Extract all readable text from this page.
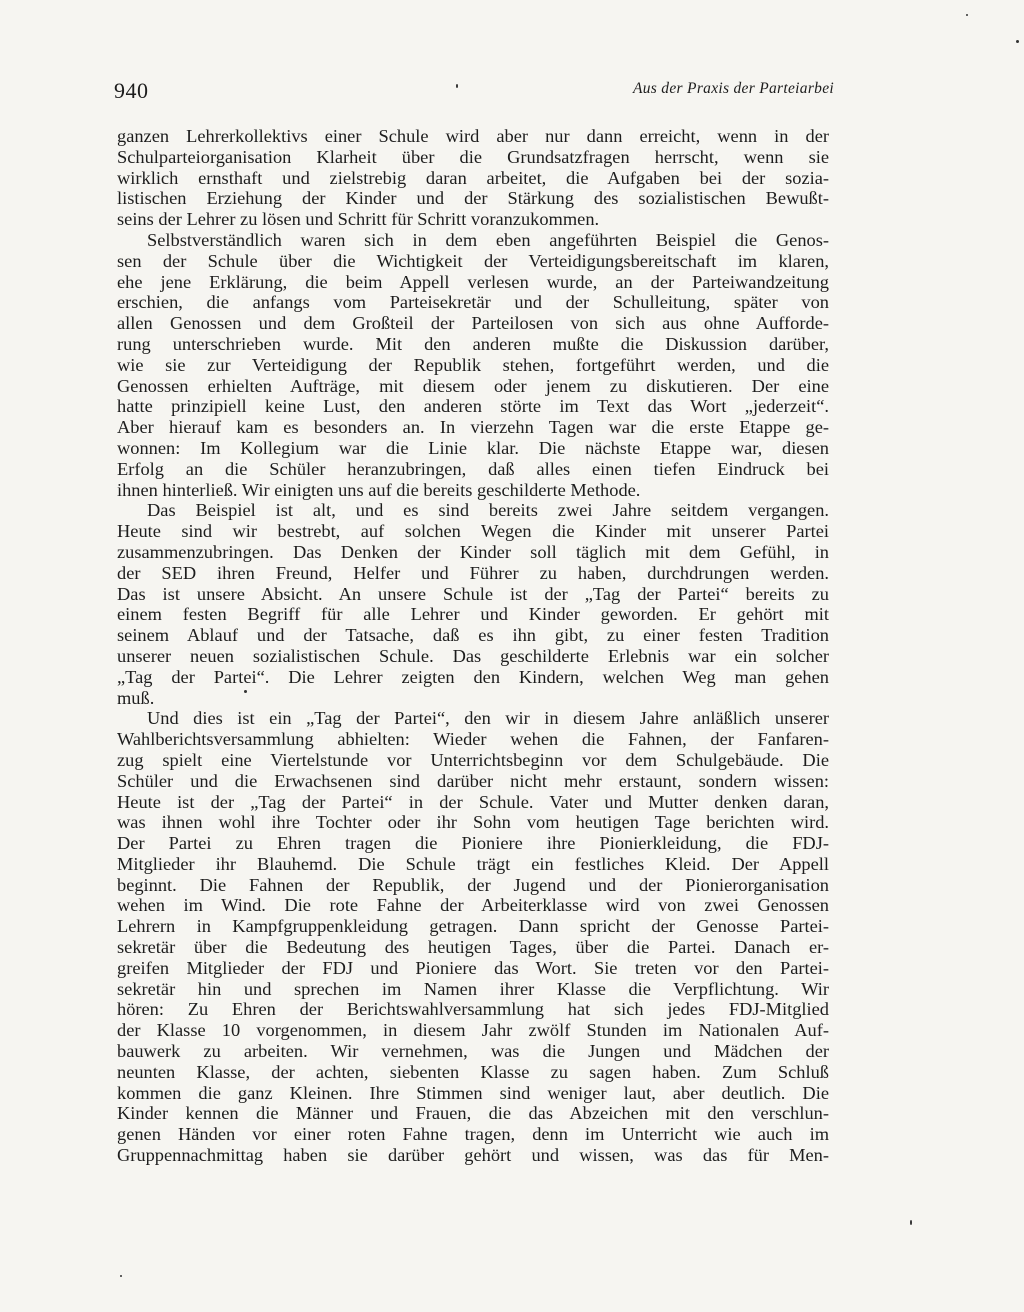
940	Aus der Praxis der Parteiarbei
ganzen Lehrerkollektivs einer Schule wird aber nur dann erreicht, wenn in der
Schulparteiorganisation Klarheit über die Grundsatzfragen herrscht, wenn sie
wirklich ernsthaft und zielstrebig daran arbeitet, die Aufgaben bei der sozia-
listischen Erziehung der Kinder und der Stärkung des sozialistischen Bewußt-
seins der Lehrer zu lösen und Schritt für Schritt voranzukommen.
Selbstverständlich waren sich in dem eben angeführten Beispiel die Genos-
sen der Schule über die Wichtigkeit der Verteidigungsbereitschaft im klaren,
ehe jene Erklärung, die beim Appell verlesen wurde, an der Parteiwandzeitung
erschien, die anfangs vom Parteisekretär und der Schulleitung, später von
allen Genossen und dem Großteil der Parteilosen von sich aus ohne Aufforde-
rung unterschrieben wurde. Mit den anderen mußte die Diskussion darüber,
wie sie zur Verteidigung der Republik stehen, fortgeführt werden, und die
Genossen erhielten Aufträge, mit diesem oder jenem zu diskutieren. Der eine
hatte prinzipiell keine Lust, den anderen störte im Text das Wort „jederzeit“.
Aber hierauf kam es besonders an. In vierzehn Tagen war die erste Etappe ge-
wonnen: Im Kollegium war die Linie klar. Die nächste Etappe war, diesen
Erfolg an die Schüler heranzubringen, daß alles einen tiefen Eindruck bei
ihnen hinterließ. Wir einigten uns auf die bereits geschilderte Methode.
Das Beispiel ist alt, und es sind bereits zwei Jahre seitdem vergangen.
Heute sind wir bestrebt, auf solchen Wegen die Kinder mit unserer Partei
zusammenzubringen. Das Denken der Kinder soll täglich mit dem Gefühl, in
der SED ihren Freund, Helfer und Führer zu haben, durchdrungen werden.
Das ist unsere Absicht. An unsere Schule ist der „Tag der Partei“ bereits zu
einem festen Begriff für alle Lehrer und Kinder geworden. Er gehört mit
seinem Ablauf und der Tatsache, daß es ihn gibt, zu einer festen Tradition
unserer neuen sozialistischen Schule. Das geschilderte Erlebnis war ein solcher
„Tag der Partei“. Die Lehrer zeigten den Kindern, welchen Weg man gehen
muß.
Und dies ist ein „Tag der Partei“, den wir in diesem Jahre anläßlich unserer
Wahlberichtsversammlung abhielten: Wieder wehen die Fahnen, der Fanfaren-
zug spielt eine Viertelstunde vor Unterrichtsbeginn vor dem Schulgebäude. Die
Schüler und die Erwachsenen sind darüber nicht mehr erstaunt, sondern wissen:
Heute ist der „Tag der Partei“ in der Schule. Vater und Mutter denken daran,
was ihnen wohl ihre Tochter oder ihr Sohn vom heutigen Tage berichten wird.
Der Partei zu Ehren tragen die Pioniere ihre Pionierkleidung, die FDJ-
Mitglieder ihr Blauhemd. Die Schule trägt ein festliches Kleid. Der Appell
beginnt. Die Fahnen der Republik, der Jugend und der Pionierorganisation
wehen im Wind. Die rote Fahne der Arbeiterklasse wird von zwei Genossen
Lehrern in Kampfgruppenkleidung getragen. Dann spricht der Genosse Partei-
sekretär über die Bedeutung des heutigen Tages, über die Partei. Danach er-
greifen Mitglieder der FDJ und Pioniere das Wort. Sie treten vor den Partei-
sekretär hin und sprechen im Namen ihrer Klasse die Verpflichtung. Wir
hören: Zu Ehren der Berichtswahlversammlung hat sich jedes FDJ-Mitglied
der Klasse 10 vorgenommen, in diesem Jahr zwölf Stunden im Nationalen Auf-
bauwerk zu arbeiten. Wir vernehmen, was die Jungen und Mädchen der
neunten Klasse, der achten, siebenten Klasse zu sagen haben. Zum Schluß
kommen die ganz Kleinen. Ihre Stimmen sind weniger laut, aber deutlich. Die
Kinder kennen die Männer und Frauen, die das Abzeichen mit den verschlun-
genen Händen vor einer roten Fahne tragen, denn im Unterricht wie auch im
Gruppennachmittag haben sie darüber gehört und wissen, was das für Men-
